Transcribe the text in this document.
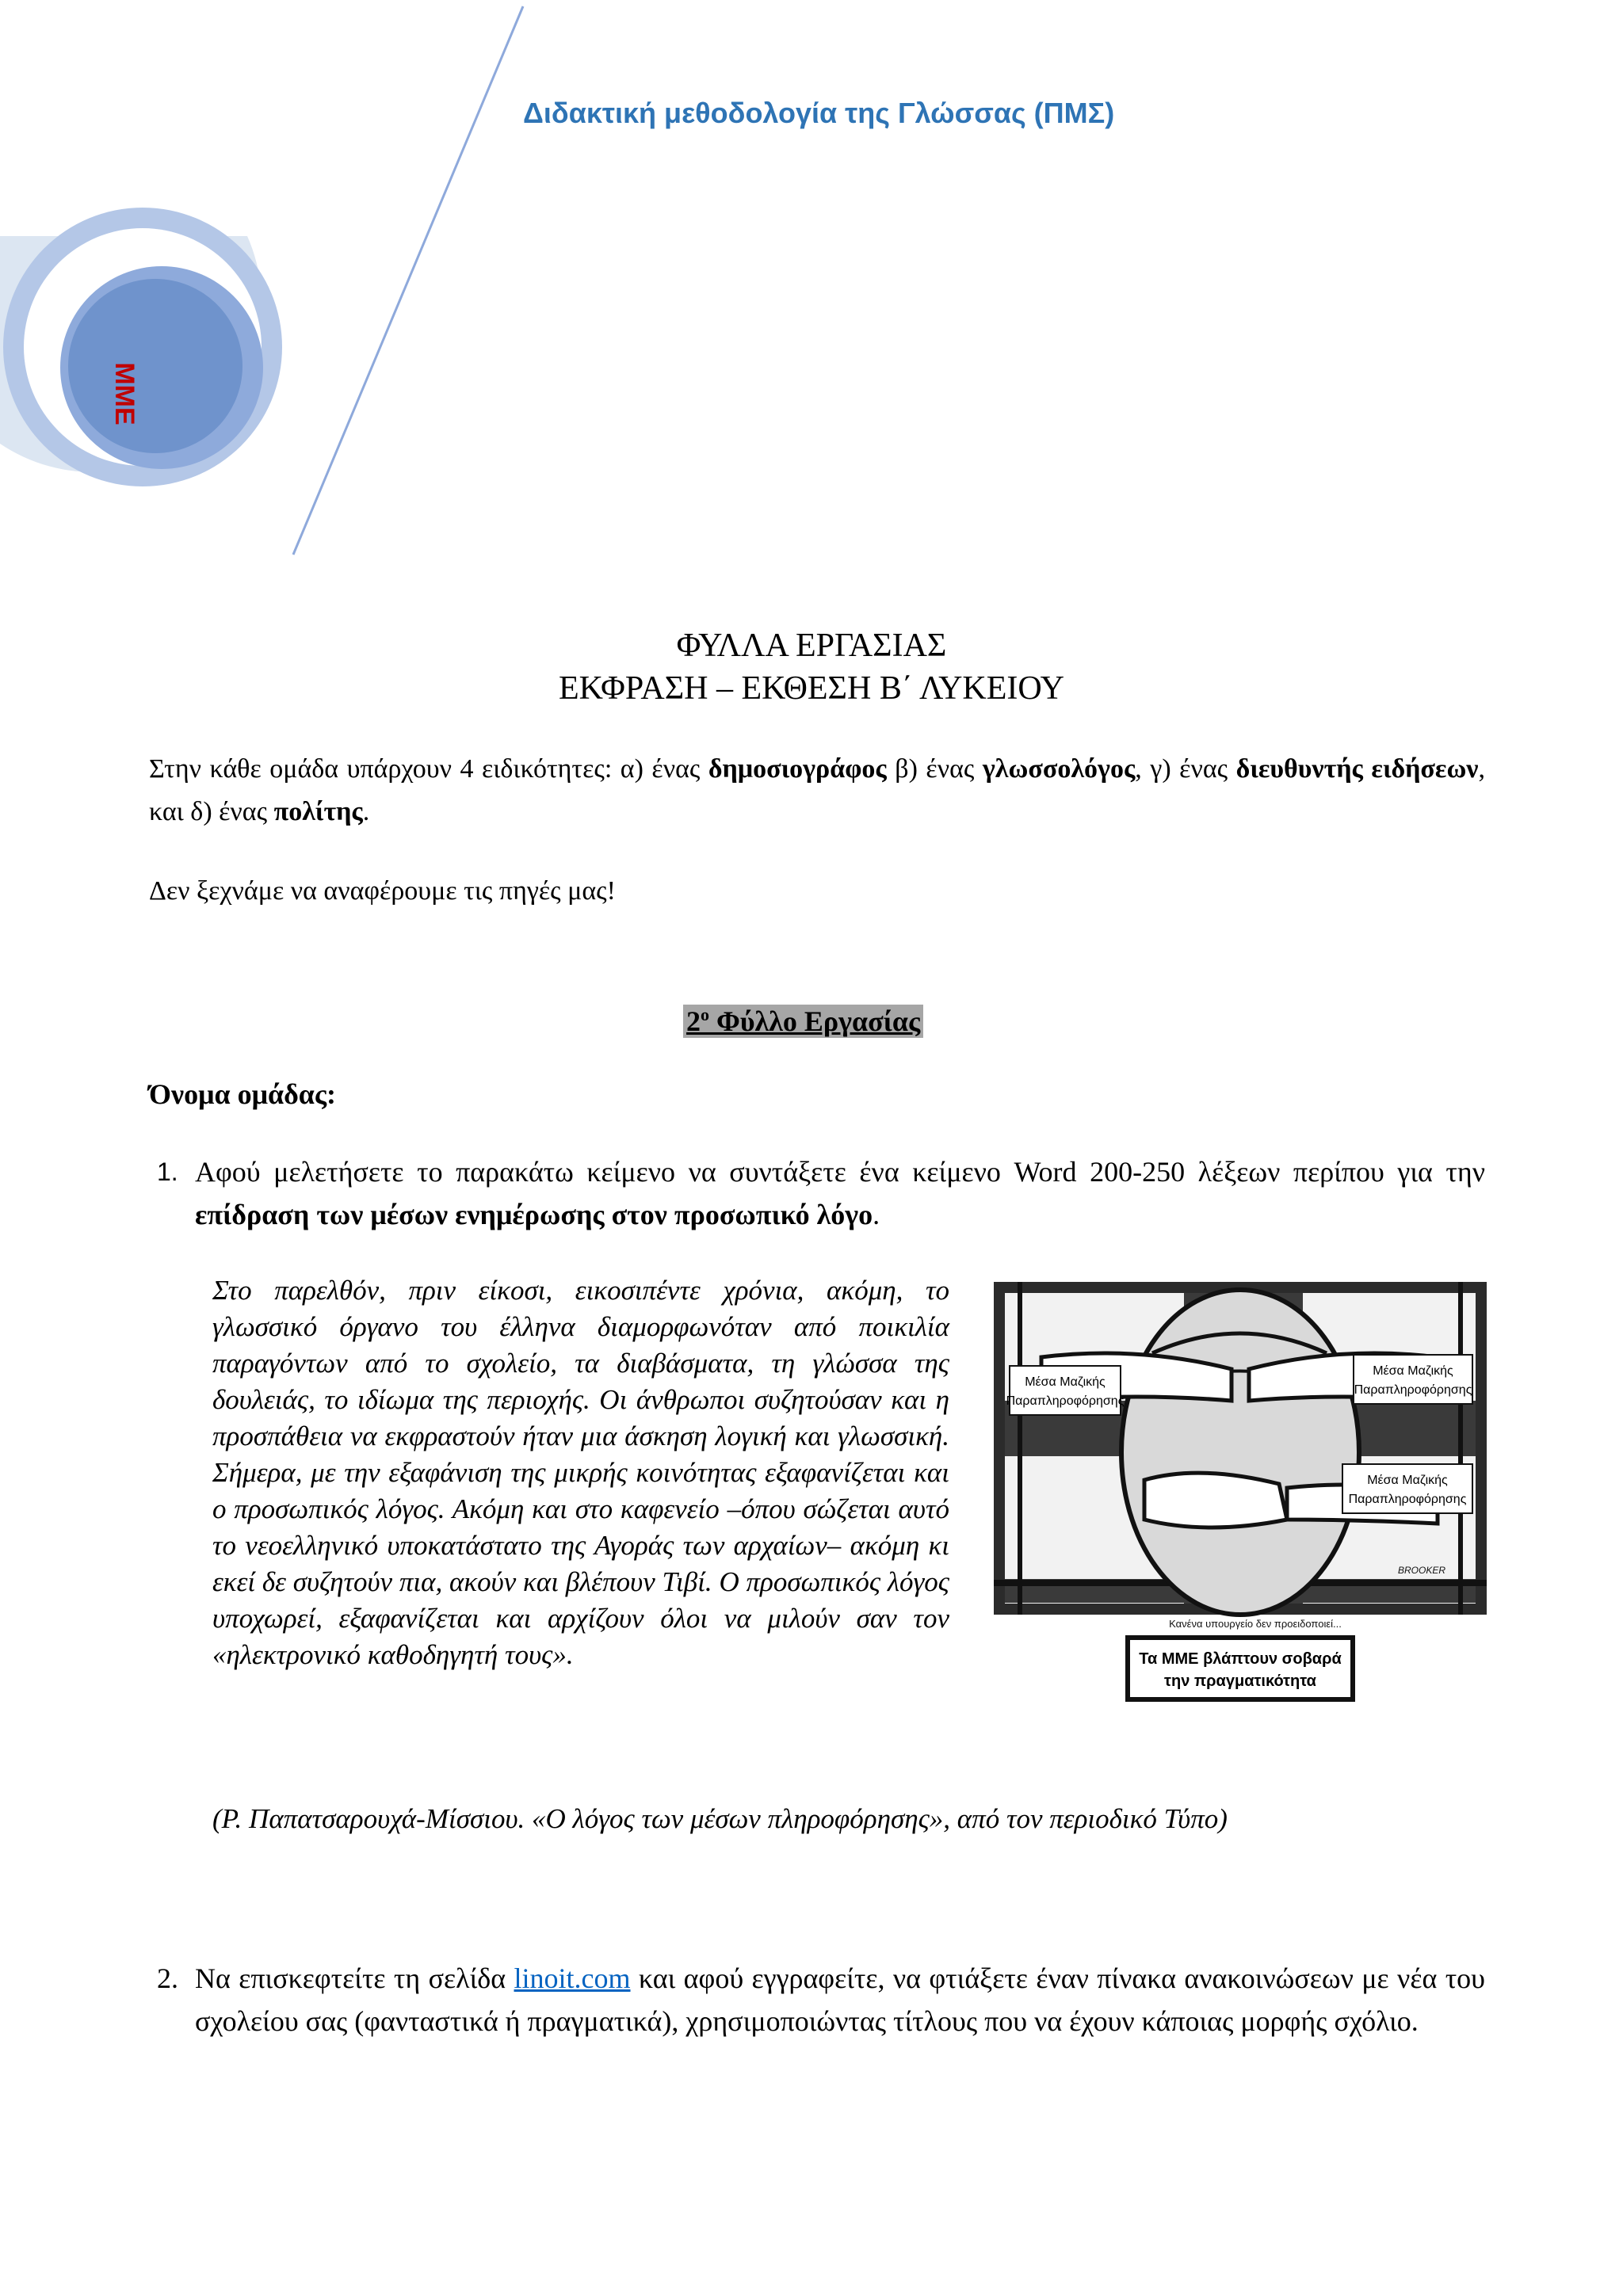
Διδακτική μεθοδολογία της Γλώσσας (ΠΜΣ)
ΜΜΕ
ΦΥΛΛΑ ΕΡΓΑΣΙΑΣ
ΕΚΦΡΑΣΗ – ΕΚΘΕΣΗ Β΄ ΛΥΚΕΙΟΥ
Στην κάθε ομάδα υπάρχουν 4 ειδικότητες: α) ένας δημοσιογράφος β) ένας γλωσσολόγος, γ) ένας διευθυντής ειδήσεων, και δ) ένας πολίτης.
Δεν ξεχνάμε να αναφέρουμε τις πηγές μας!
$2^o$ Φύλλο Εργασίας
Όνομα ομάδας:
1. Αφού μελετήσετε το παρακάτω κείμενο να συντάξετε ένα κείμενο Word 200-250 λέξεων περίπου για την επίδραση των μέσων ενημέρωσης στον προσωπικό λόγο.
Στο παρελθόν, πριν είκοσι, εικοσιπέντε χρόνια, ακόμη, το γλωσσικό όργανο του έλληνα διαμορφωνόταν από ποικιλία παραγόντων από το σχολείο, τα διαβάσματα, τη γλώσσα της δουλειάς, το ιδίωμα της περιοχής. Οι άνθρωποι συζητούσαν και η προσπάθεια να εκφραστούν ήταν μια άσκηση λογική και γλωσσική. Σήμερα, με την εξαφάνιση της μικρής κοινότητας εξαφανίζεται και ο προσωπικός λόγος. Ακόμη και στο καφενείο –όπου σώζεται αυτό το νεοελληνικό υποκατάστατο της Αγοράς των αρχαίων– ακόμη κι εκεί δε συζητούν πια, ακούν και βλέπουν Τιβί. Ο προσωπικός λόγος υποχωρεί, εξαφανίζεται και αρχίζουν όλοι να μιλούν σαν τον «ηλεκτρονικό καθοδηγητή τους».
Μέσα Μαζικής
Παραπληροφόρησης
Μέσα Μαζικής
Παραπληροφόρησης
Μέσα Μαζικής
Παραπληροφόρησης
BROOKER
Κανένα υπουργείο δεν προειδοποιεί...
Τα ΜΜΕ βλάπτουν σοβαρά
την πραγματικότητα
(Ρ. Παπατσαρουχά-Μίσσιου. «Ο λόγος των μέσων πληροφόρησης», από τον περιοδικό Τύπο)
2. Να επισκεφτείτε τη σελίδα linoit.com και αφού εγγραφείτε, να φτιάξετε έναν πίνακα ανακοινώσεων με νέα του σχολείου σας (φανταστικά ή πραγματικά), χρησιμοποιώντας τίτλους που να έχουν κάποιας μορφής σχόλιο.
